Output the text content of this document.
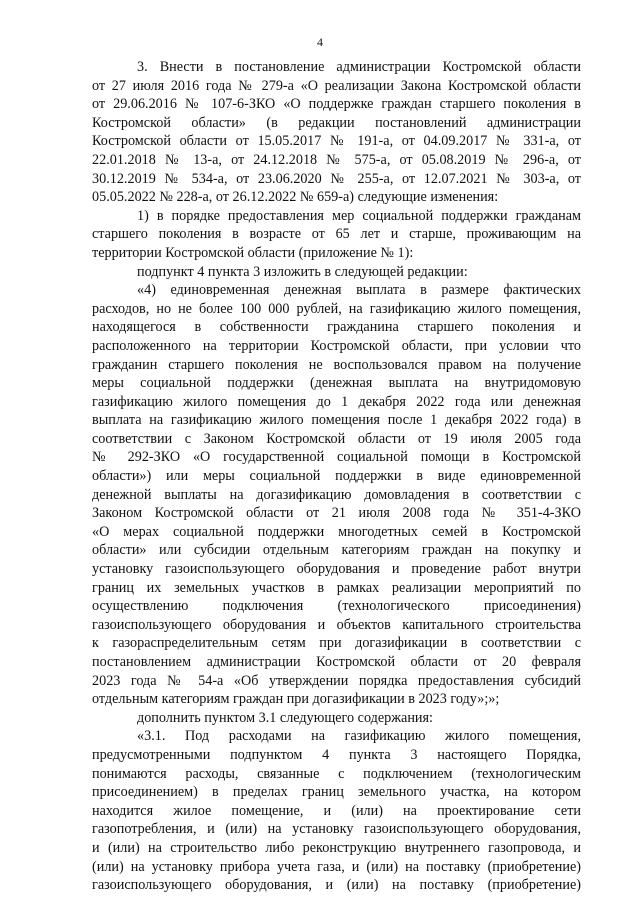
4
3. Внести в постановление администрации Костромской области
от 27 июля 2016 года № 279-а «О реализации Закона Костромской области
от 29.06.2016 № 107-6-ЗКО «О поддержке граждан старшего поколения в
Костромской области» (в редакции постановлений администрации
Костромской области от 15.05.2017 № 191-а, от 04.09.2017 № 331-а, от
22.01.2018 № 13-а, от 24.12.2018 № 575-а, от 05.08.2019 № 296-а, от
30.12.2019 № 534-а, от 23.06.2020 № 255-а, от 12.07.2021 № 303-а, от
05.05.2022 № 228-а, от 26.12.2022 № 659-а) следующие изменения:
1) в порядке предоставления мер социальной поддержки гражданам
старшего поколения в возрасте от 65 лет и старше, проживающим на
территории Костромской области (приложение № 1):
подпункт 4 пункта 3 изложить в следующей редакции:
«4) единовременная денежная выплата в размере фактических
расходов, но не более 100 000 рублей, на газификацию жилого помещения,
находящегося в собственности гражданина старшего поколения и
расположенного на территории Костромской области, при условии что
гражданин старшего поколения не воспользовался правом на получение
меры социальной поддержки (денежная выплата на внутридомовую
газификацию жилого помещения до 1 декабря 2022 года или денежная
выплата на газификацию жилого помещения после 1 декабря 2022 года) в
соответствии с Законом Костромской области от 19 июля 2005 года
№ 292-ЗКО «О государственной социальной помощи в Костромской
области») или меры социальной поддержки в виде единовременной
денежной выплаты на догазификацию домовладения в соответствии с
Законом Костромской области от 21 июля 2008 года № 351-4-ЗКО
«О мерах социальной поддержки многодетных семей в Костромской
области» или субсидии отдельным категориям граждан на покупку и
установку газоиспользующего оборудования и проведение работ внутри
границ их земельных участков в рамках реализации мероприятий по
осуществлению подключения (технологического присоединения)
газоиспользующего оборудования и объектов капитального строительства
к газораспределительным сетям при догазификации в соответствии с
постановлением администрации Костромской области от 20 февраля
2023 года № 54-а «Об утверждении порядка предоставления субсидий
отдельным категориям граждан при догазификации в 2023 году»;»;
дополнить пунктом 3.1 следующего содержания:
«3.1. Под расходами на газификацию жилого помещения,
предусмотренными подпунктом 4 пункта 3 настоящего Порядка,
понимаются расходы, связанные с подключением (технологическим
присоединением) в пределах границ земельного участка, на котором
находится жилое помещение, и (или) на проектирование сети
газопотребления, и (или) на установку газоиспользующего оборудования,
и (или) на строительство либо реконструкцию внутреннего газопровода, и
(или) на установку прибора учета газа, и (или) на поставку (приобретение)
газоиспользующего оборудования, и (или) на поставку (приобретение)
